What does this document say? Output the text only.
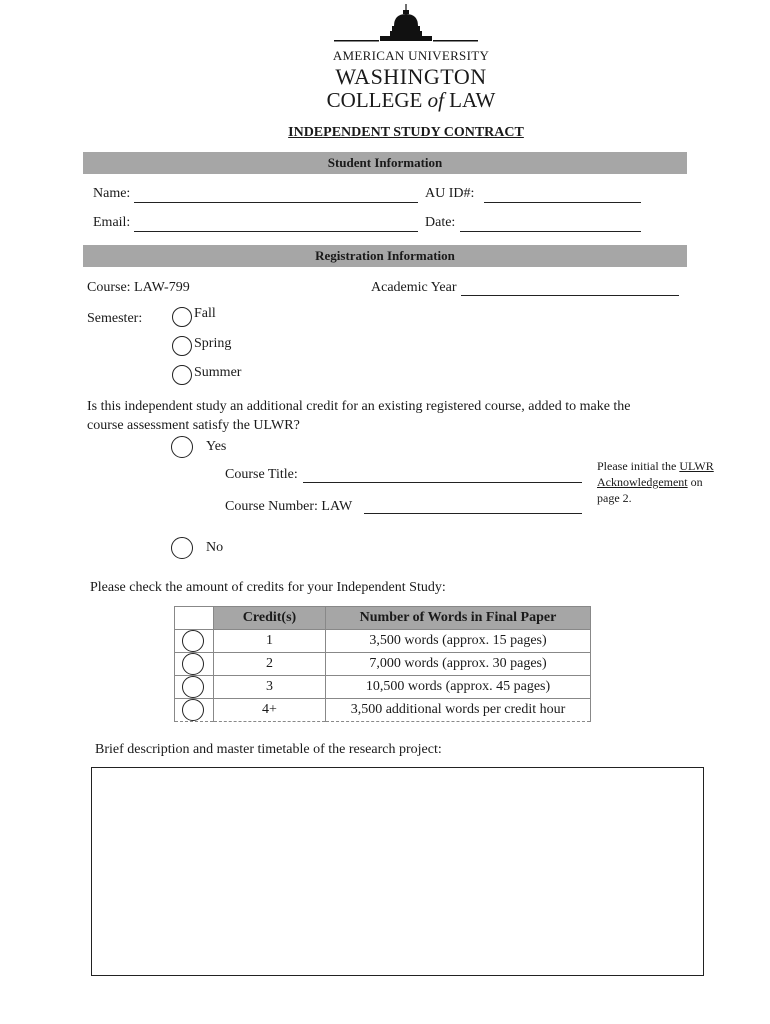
AMERICAN UNIVERSITY
WASHINGTON
COLLEGE of LAW
INDEPENDENT STUDY CONTRACT
Student Information
Name:	AU ID#:
Email:	Date:
Registration Information
Course: LAW-799	Academic Year
Semester:	Fall
Spring
Summer
Is this independent study an additional credit for an existing registered course, added to make the
course assessment satisfy the ULWR?
Yes
Course Title:
Course Number: LAW
Please initial the ULWR
Acknowledgement on
page 2.
No
Please check the amount of credits for your Independent Study:
	Credit(s)	Number of Words in Final Paper

	1	3,500 words (approx. 15 pages)

	2	7,000 words (approx. 30 pages)

	3	10,500 words (approx. 45 pages)

	4+	3,500 additional words per credit hour
Brief description and master timetable of the research project:
